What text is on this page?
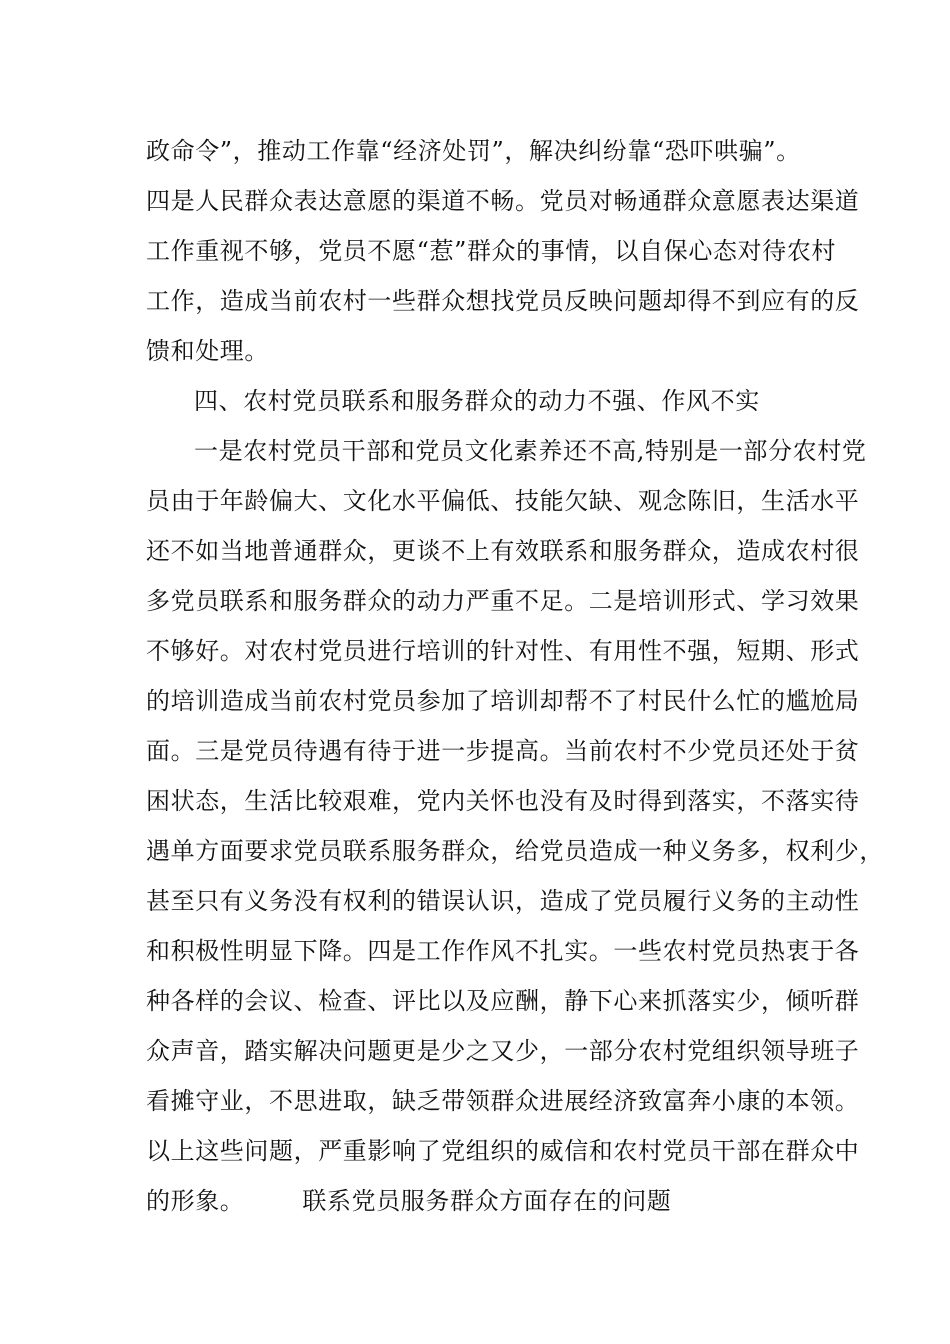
政命令”，推动工作靠“经济处罚”，解决纠纷靠“恐吓哄骗”。
四是人民群众表达意愿的渠道不畅。党员对畅通群众意愿表达渠道
工作重视不够，党员不愿“惹”群众的事情，以自保心态对待农村
工作，造成当前农村一些群众想找党员反映问题却得不到应有的反
馈和处理。
四、农村党员联系和服务群众的动力不强、作风不实
一是农村党员干部和党员文化素养还不高,特别是一部分农村党
员由于年龄偏大、文化水平偏低、技能欠缺、观念陈旧，生活水平
还不如当地普通群众，更谈不上有效联系和服务群众，造成农村很
多党员联系和服务群众的动力严重不足。二是培训形式、学习效果
不够好。对农村党员进行培训的针对性、有用性不强，短期、形式
的培训造成当前农村党员参加了培训却帮不了村民什么忙的尴尬局
面。三是党员待遇有待于进一步提高。当前农村不少党员还处于贫
困状态，生活比较艰难，党内关怀也没有及时得到落实，不落实待
遇单方面要求党员联系服务群众，给党员造成一种义务多，权利少，
甚至只有义务没有权利的错误认识，造成了党员履行义务的主动性
和积极性明显下降。四是工作作风不扎实。一些农村党员热衷于各
种各样的会议、检查、评比以及应酬，静下心来抓落实少，倾听群
众声音，踏实解决问题更是少之又少，一部分农村党组织领导班子
看摊守业，不思进取，缺乏带领群众进展经济致富奔小康的本领。
以上这些问题，严重影响了党组织的威信和农村党员干部在群众中
的形象。 联系党员服务群众方面存在的问题
